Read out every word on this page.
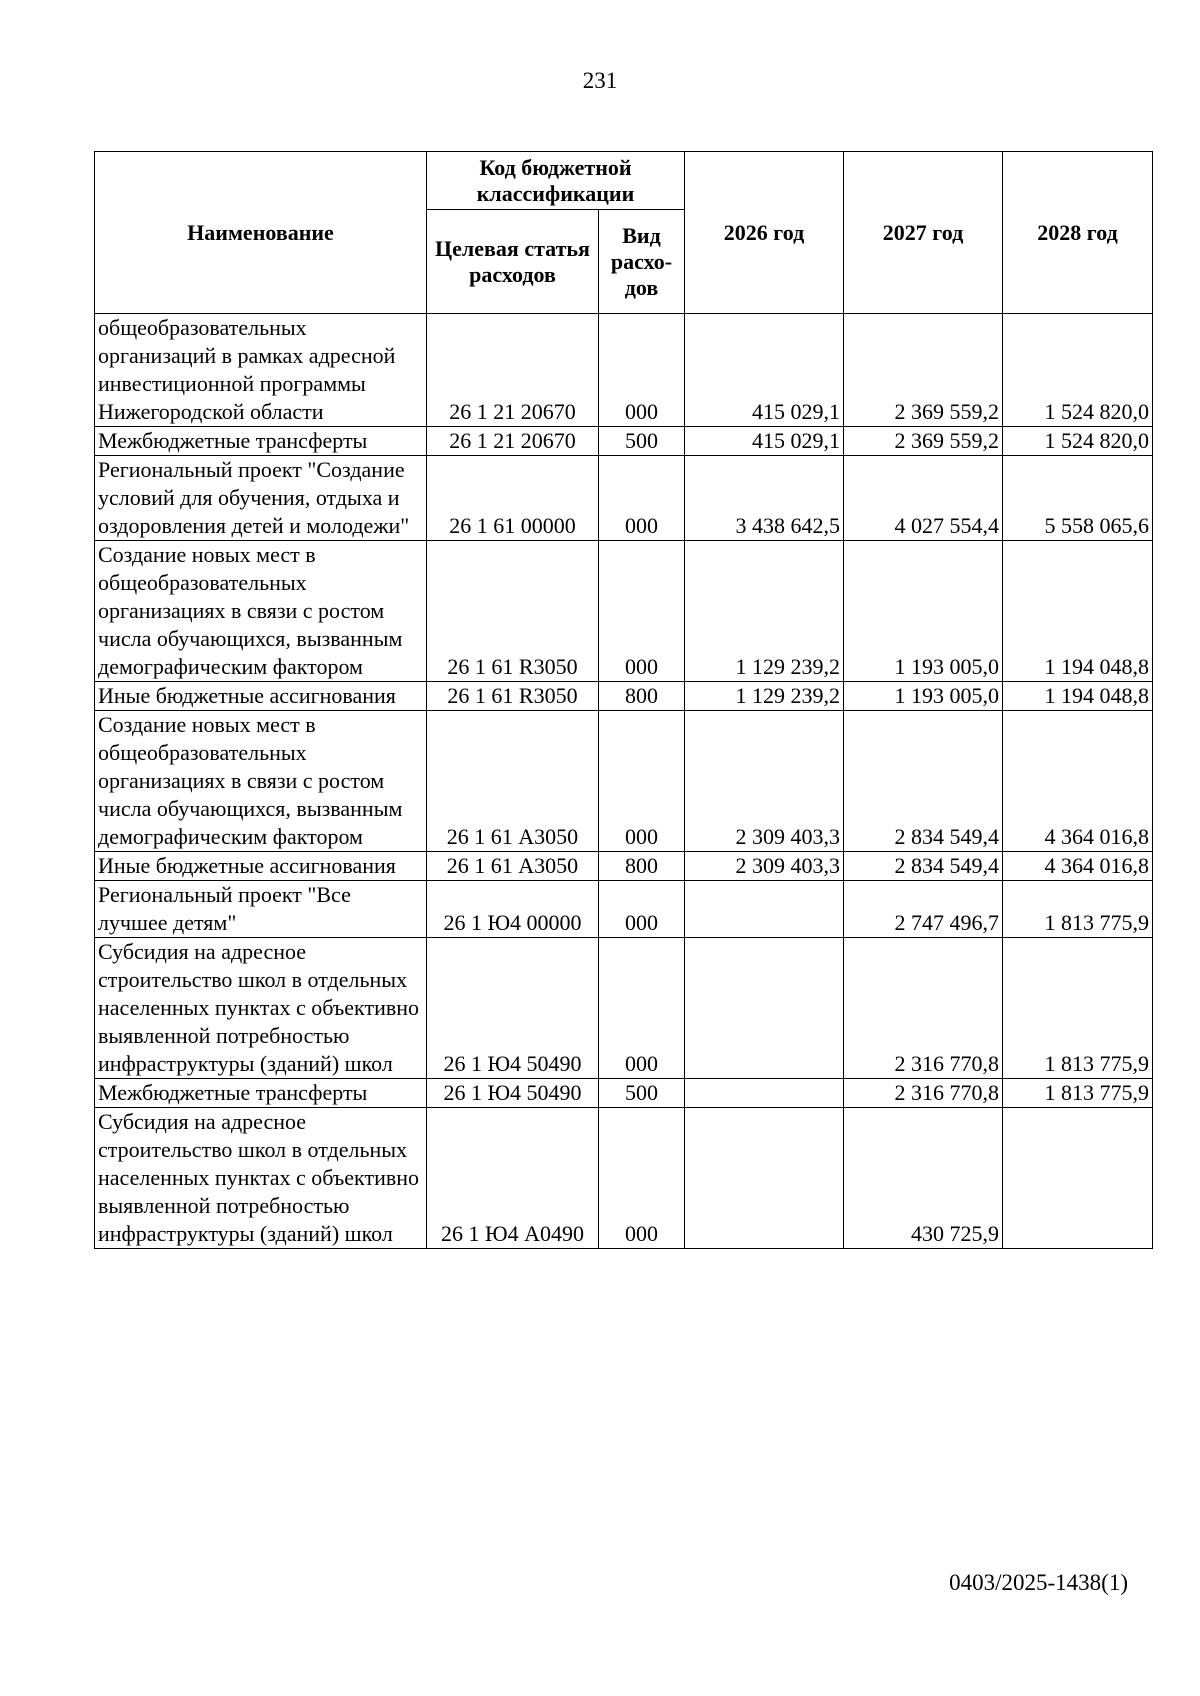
231
Наименование	Код бюджетной классификации		2026 год	2027 год	2028 год
	Целевая статья расходов	Вид расхо-дов			
общеобразовательных организаций в рамках адресной инвестиционной программы Нижегородской области	26 1 21 20670	000	415 029,1	2 369 559,2	1 524 820,0
Межбюджетные трансферты	26 1 21 20670	500	415 029,1	2 369 559,2	1 524 820,0
Региональный проект "Создание условий для обучения, отдыха и оздоровления детей и молодежи"	26 1 61 00000	000	3 438 642,5	4 027 554,4	5 558 065,6
Создание новых мест в общеобразовательных организациях в связи с ростом числа обучающихся, вызванным демографическим фактором	26 1 61 R3050	000	1 129 239,2	1 193 005,0	1 194 048,8
Иные бюджетные ассигнования	26 1 61 R3050	800	1 129 239,2	1 193 005,0	1 194 048,8
Создание новых мест в общеобразовательных организациях в связи с ростом числа обучающихся, вызванным демографическим фактором	26 1 61 А3050	000	2 309 403,3	2 834 549,4	4 364 016,8
Иные бюджетные ассигнования	26 1 61 А3050	800	2 309 403,3	2 834 549,4	4 364 016,8
Региональный проект "Все лучшее детям"	26 1 Ю4 00000	000		2 747 496,7	1 813 775,9
Субсидия на адресное строительство школ в отдельных населенных пунктах с объективно выявленной потребностью инфраструктуры (зданий) школ	26 1 Ю4 50490	000		2 316 770,8	1 813 775,9
Межбюджетные трансферты	26 1 Ю4 50490	500		2 316 770,8	1 813 775,9
Субсидия на адресное строительство школ в отдельных населенных пунктах с объективно выявленной потребностью инфраструктуры (зданий) школ	26 1 Ю4 А0490	000		430 725,9	
0403/2025-1438(1)
